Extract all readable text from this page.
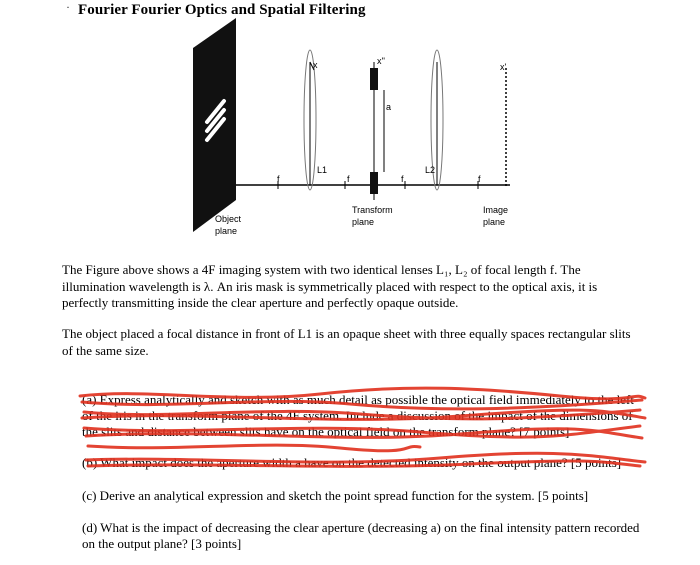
· Fourier Fourier Optics and Spatial Filtering
f	f	f	f
L1	L2
x	x''
x'
a
Object
plane
Transform
plane
Image
plane
The Figure above shows a 4F imaging system with two identical lenses L₁, L₂ of focal length f. The illumination wavelength is λ. An iris mask is symmetrically placed with respect to the optical axis, it is perfectly transmitting inside the clear aperture and perfectly opaque outside.
The object placed a focal distance in front of L1 is an opaque sheet with three equally spaces rectangular slits of the same size.
(a) Express analytically and sketch with as much detail as possible the optical field immediately to the left of the iris in the transform plane of the 4F system. Include a discussion of the impact of the dimensions of the slits and distance between slits have on the optical field on the transform plane? [7 points]
(b) What impact does the aperture width a have on the detected intensity on the output plane? [5 points]
(c) Derive an analytical expression and sketch the point spread function for the system. [5 points]
(d) What is the impact of decreasing the clear aperture (decreasing a) on the final intensity pattern recorded on the output plane? [3 points]
